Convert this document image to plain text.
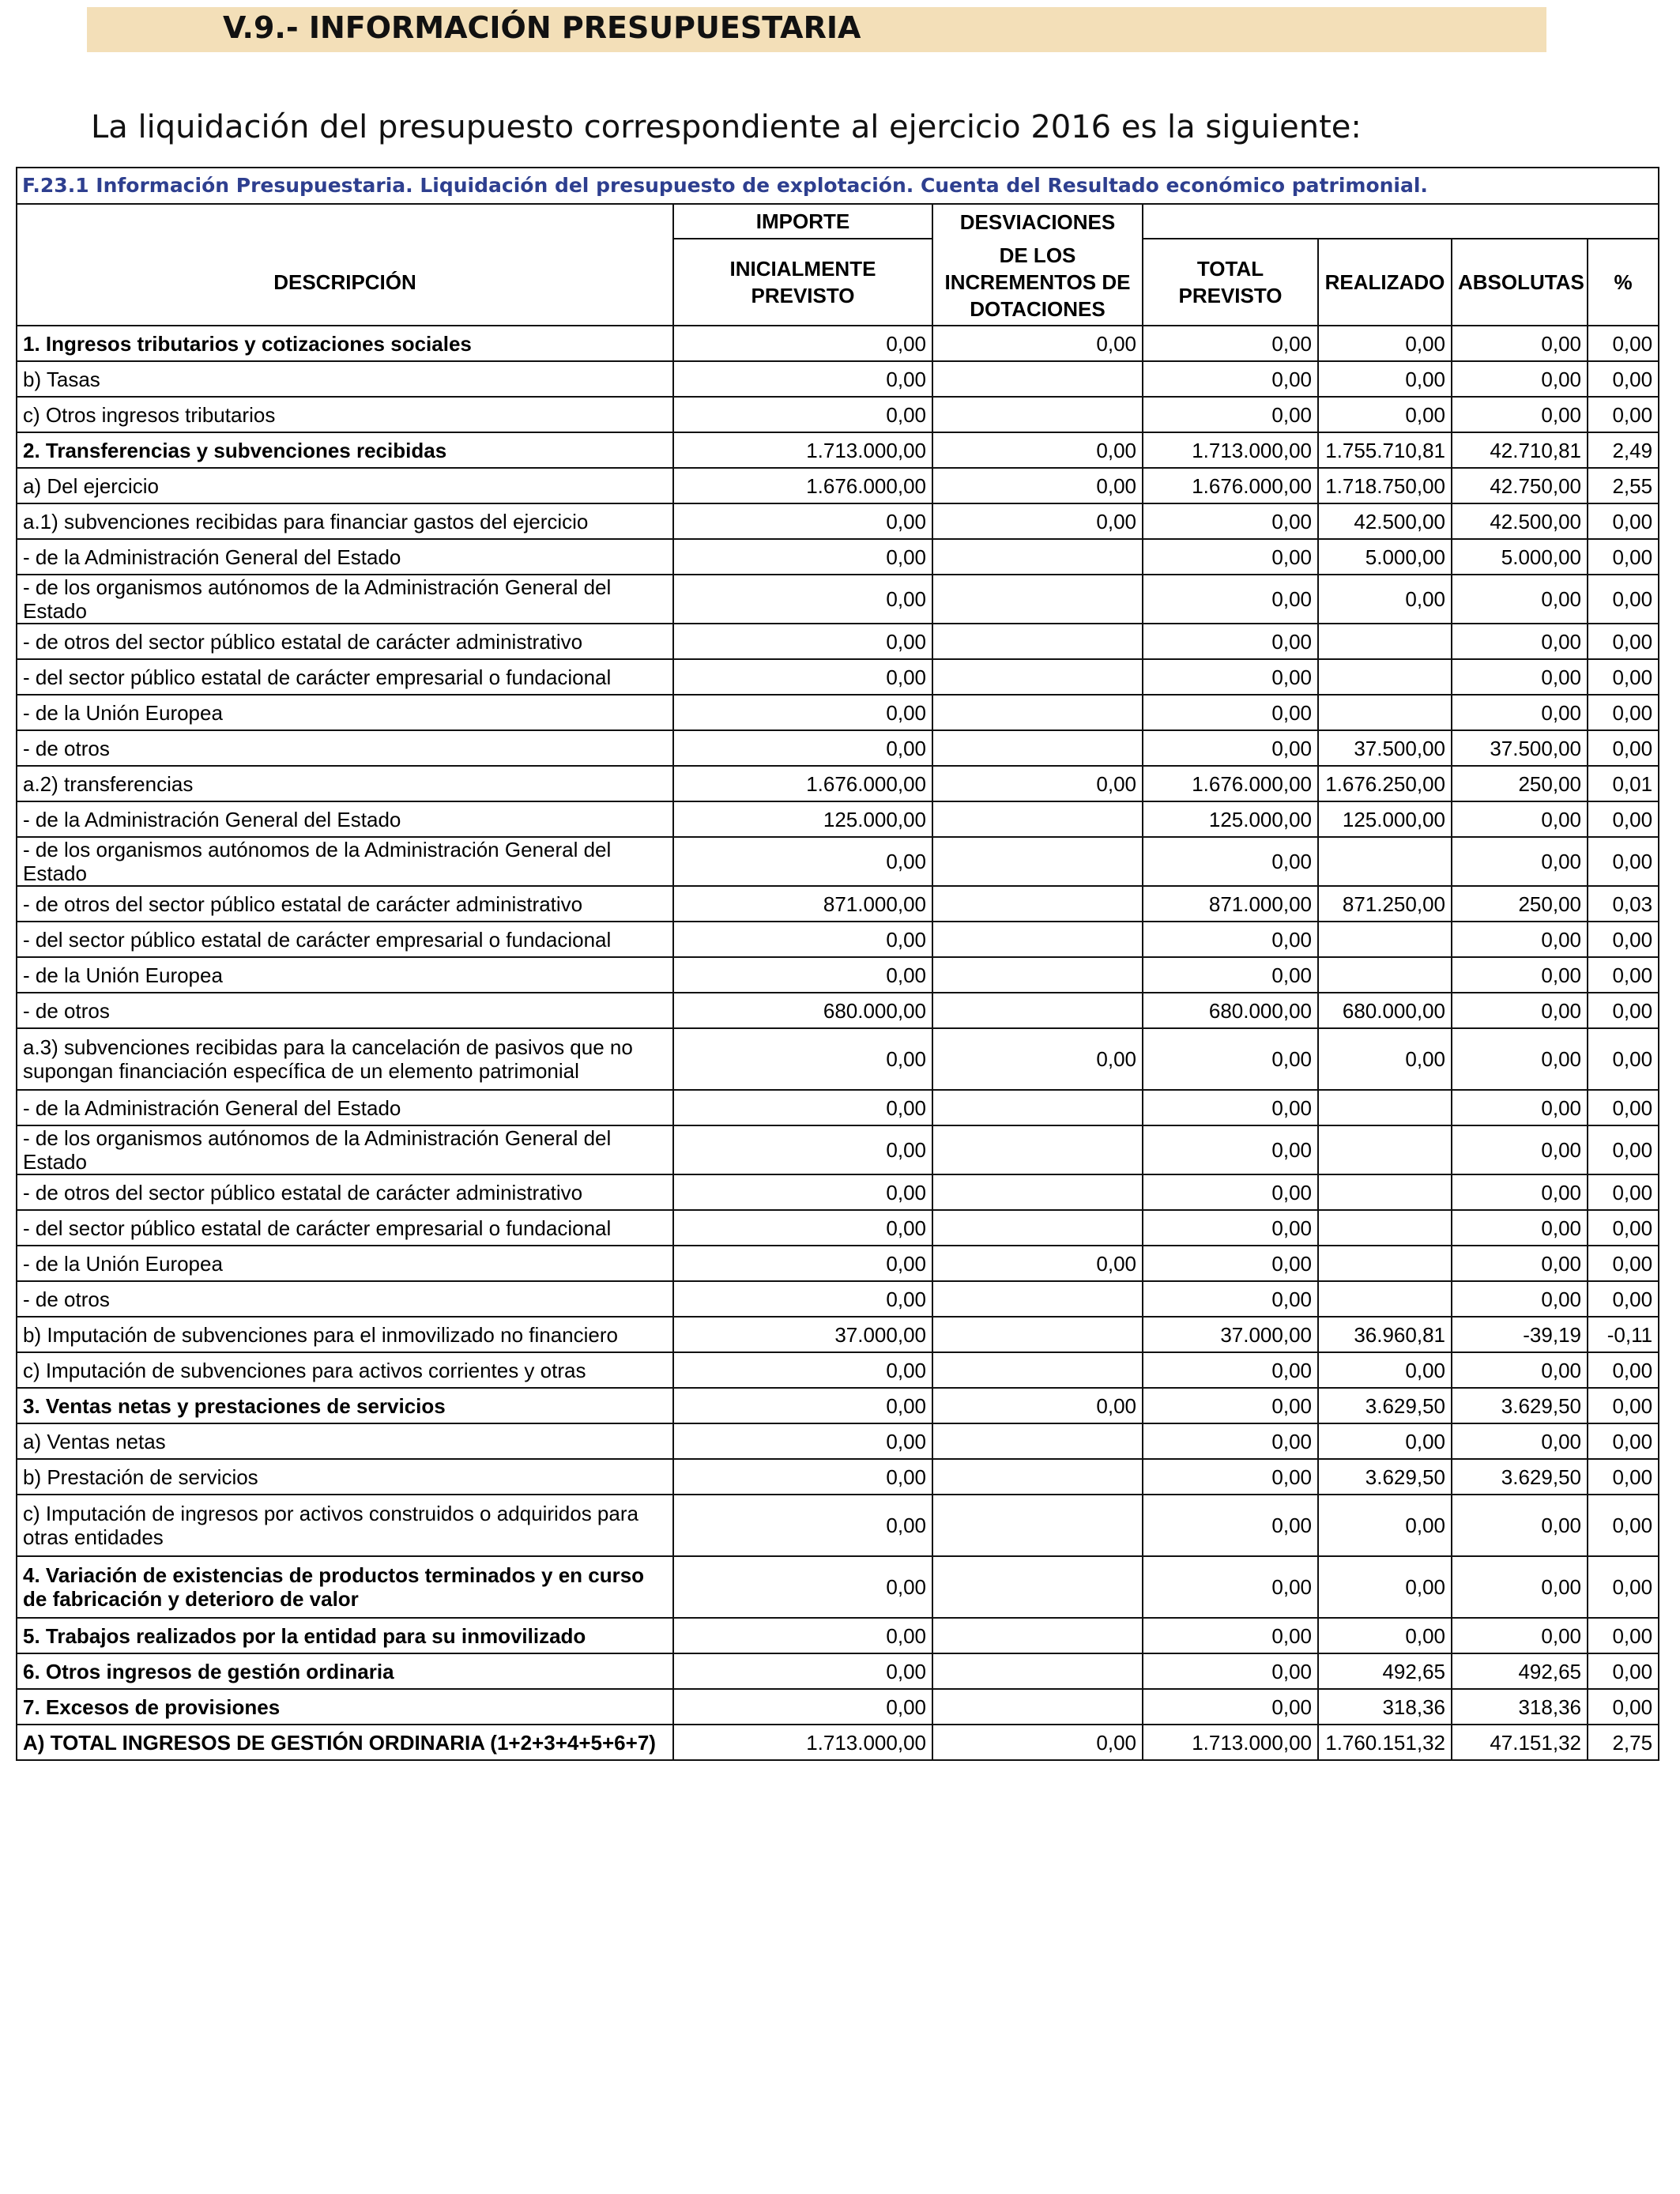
V.9.- INFORMACIÓN PRESUPUESTARIA
La liquidación del presupuesto correspondiente al ejercicio 2016 es la siguiente:
F.23.1 Información Presupuestaria. Liquidación del presupuesto de explotación. Cuenta del Resultado económico patrimonial.						
	IMPORTE	DESVIACIONES				
DESCRIPCIÓN	INICIALMENTE PREVISTO	DE LOS INCREMENTOS DE DOTACIONES	TOTAL PREVISTO	REALIZADO	ABSOLUTAS	%
1. Ingresos tributarios y cotizaciones sociales	0,00	0,00	0,00	0,00	0,00	0,00
b) Tasas	0,00		0,00	0,00	0,00	0,00
c) Otros ingresos tributarios	0,00		0,00	0,00	0,00	0,00
2. Transferencias y subvenciones recibidas	1.713.000,00	0,00	1.713.000,00	1.755.710,81	42.710,81	2,49
a) Del ejercicio	1.676.000,00	0,00	1.676.000,00	1.718.750,00	42.750,00	2,55
a.1) subvenciones recibidas para financiar gastos del ejercicio	0,00	0,00	0,00	42.500,00	42.500,00	0,00
- de la Administración General del Estado	0,00		0,00	5.000,00	5.000,00	0,00
- de los organismos autónomos de la Administración General del Estado	0,00		0,00	0,00	0,00	0,00
- de otros del sector público estatal de carácter administrativo	0,00		0,00		0,00	0,00
- del sector público estatal de carácter empresarial o fundacional	0,00		0,00		0,00	0,00
- de la Unión Europea	0,00		0,00		0,00	0,00
- de otros	0,00		0,00	37.500,00	37.500,00	0,00
a.2) transferencias	1.676.000,00	0,00	1.676.000,00	1.676.250,00	250,00	0,01
- de la Administración General del Estado	125.000,00		125.000,00	125.000,00	0,00	0,00
- de los organismos autónomos de la Administración General del Estado	0,00		0,00		0,00	0,00
- de otros del sector público estatal de carácter administrativo	871.000,00		871.000,00	871.250,00	250,00	0,03
- del sector público estatal de carácter empresarial o fundacional	0,00		0,00		0,00	0,00
- de la Unión Europea	0,00		0,00		0,00	0,00
- de otros	680.000,00		680.000,00	680.000,00	0,00	0,00
a.3) subvenciones recibidas para la cancelación de pasivos que no supongan financiación específica de un elemento patrimonial	0,00	0,00	0,00	0,00	0,00	0,00
- de la Administración General del Estado	0,00		0,00		0,00	0,00
- de los organismos autónomos de la Administración General del Estado	0,00		0,00		0,00	0,00
- de otros del sector público estatal de carácter administrativo	0,00		0,00		0,00	0,00
- del sector público estatal de carácter empresarial o fundacional	0,00		0,00		0,00	0,00
- de la Unión Europea	0,00	0,00	0,00		0,00	0,00
- de otros	0,00		0,00		0,00	0,00
b) Imputación de subvenciones para el inmovilizado no financiero	37.000,00		37.000,00	36.960,81	-39,19	-0,11
c) Imputación de subvenciones para activos corrientes y otras	0,00		0,00	0,00	0,00	0,00
3. Ventas netas y prestaciones de servicios	0,00	0,00	0,00	3.629,50	3.629,50	0,00
a) Ventas netas	0,00		0,00	0,00	0,00	0,00
b) Prestación de servicios	0,00		0,00	3.629,50	3.629,50	0,00
c) Imputación de ingresos por activos construidos o adquiridos para otras entidades	0,00		0,00	0,00	0,00	0,00
4. Variación de existencias de productos terminados y en curso de fabricación y deterioro de valor	0,00		0,00	0,00	0,00	0,00
5. Trabajos realizados por la entidad para su inmovilizado	0,00		0,00	0,00	0,00	0,00
6. Otros ingresos de gestión ordinaria	0,00		0,00	492,65	492,65	0,00
7. Excesos de provisiones	0,00		0,00	318,36	318,36	0,00
A) TOTAL INGRESOS DE GESTIÓN ORDINARIA (1+2+3+4+5+6+7)	1.713.000,00	0,00	1.713.000,00	1.760.151,32	47.151,32	2,75
